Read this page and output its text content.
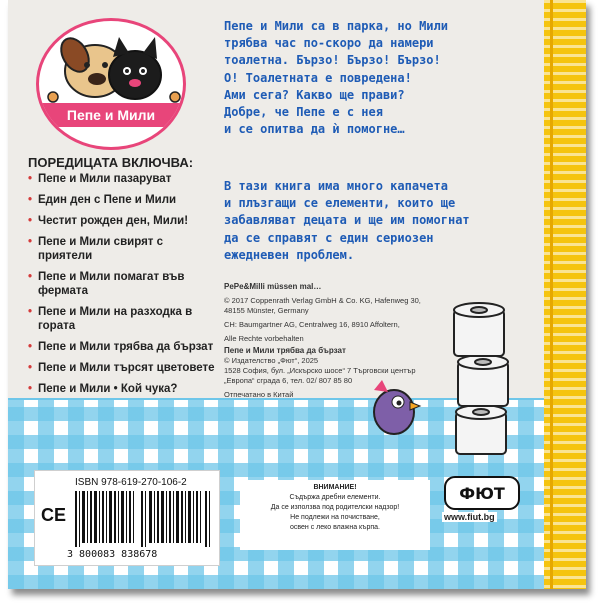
Пепе и Мили
ПОРЕДИЦАТА ВКЛЮЧВА:
• Пепе и Мили пазаруват
• Един ден с Пепе и Мили
• Честит рожден ден, Мили!
• Пепе и Мили свирят с приятели
• Пепе и Мили помагат във фермата
• Пепе и Мили на разходка в гората
• Пепе и Мили трябва да бързат
• Пепе и Мили търсят цветовете
• Пепе и Мили • Кой чука?
Пепе и Мили са в парка, но Мили
трябва час по-скоро да намери
тоалетна. Бързо! Бързо! Бързо!
О! Тоалетната е повредена!
Ами сега? Какво ще прави?
Добре, че Пепе е с нея
и се опитва да ѝ помогне…
В тази книга има много капачета
и плъзгащи се елементи, които ще
забавляват децата и ще им помогнат
да се справят с един сериозен
ежедневен проблем.

PePe&Milli müssen mal…

© 2017 Coppenrath Verlag GmbH & Co. KG, Hafenweg 30, 48155 Münster, Germany

CH: Baumgartner AG, Centralweg 16, 8910 Affoltern,

Alle Rechte vorbehalten

Пепе и Мили трябва да бързат

© Издателство „Фют“, 2025

1528 София, бул. „Искърско шосе“ 7 Търговски център „Европа“ сграда 6, тел. 02/ 807 85 80

Отпечатано в Китай

ISBN 978-619-270-106-2
CE
3 800083 838678
ВНИМАНИЕ!
Съдържа дребни елементи.
Да се използва под родителски надзор!
Не подлежи на почистване,
освен с леко влажна кърпа.
ФЮТ
www.fiut.bg
